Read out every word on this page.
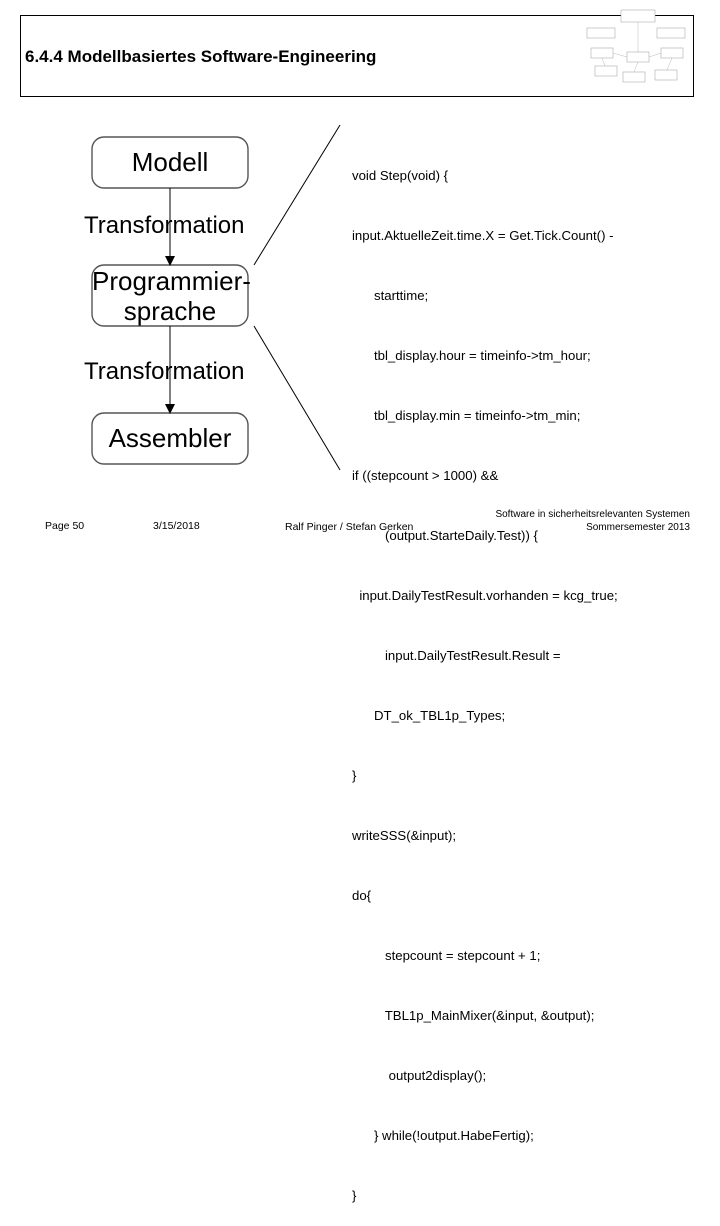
6.4.4 Modellbasiertes Software-Engineering
Modell
Programmier-
sprache
Assembler
Transformation
Transformation

void Step(void) {

input.AktuelleZeit.time.X = Get.Tick.Count() -

starttime;

tbl_display.hour = timeinfo->tm_hour;

tbl_display.min = timeinfo->tm_min;

if ((stepcount > 1000) &&

(output.StarteDaily.Test)) {

input.DailyTestResult.vorhanden = kcg_true;

input.DailyTestResult.Result =

DT_ok_TBL1p_Types;

}

writeSSS(&input);

do{

stepcount = stepcount + 1;

TBL1p_MainMixer(&input, &output);

output2display();

} while(!output.HabeFertig);

}

Page 50	3/15/2018	Ralf Pinger / Stefan Gerken
Software in sicherheitsrelevanten Systemen
Sommersemester 2013
